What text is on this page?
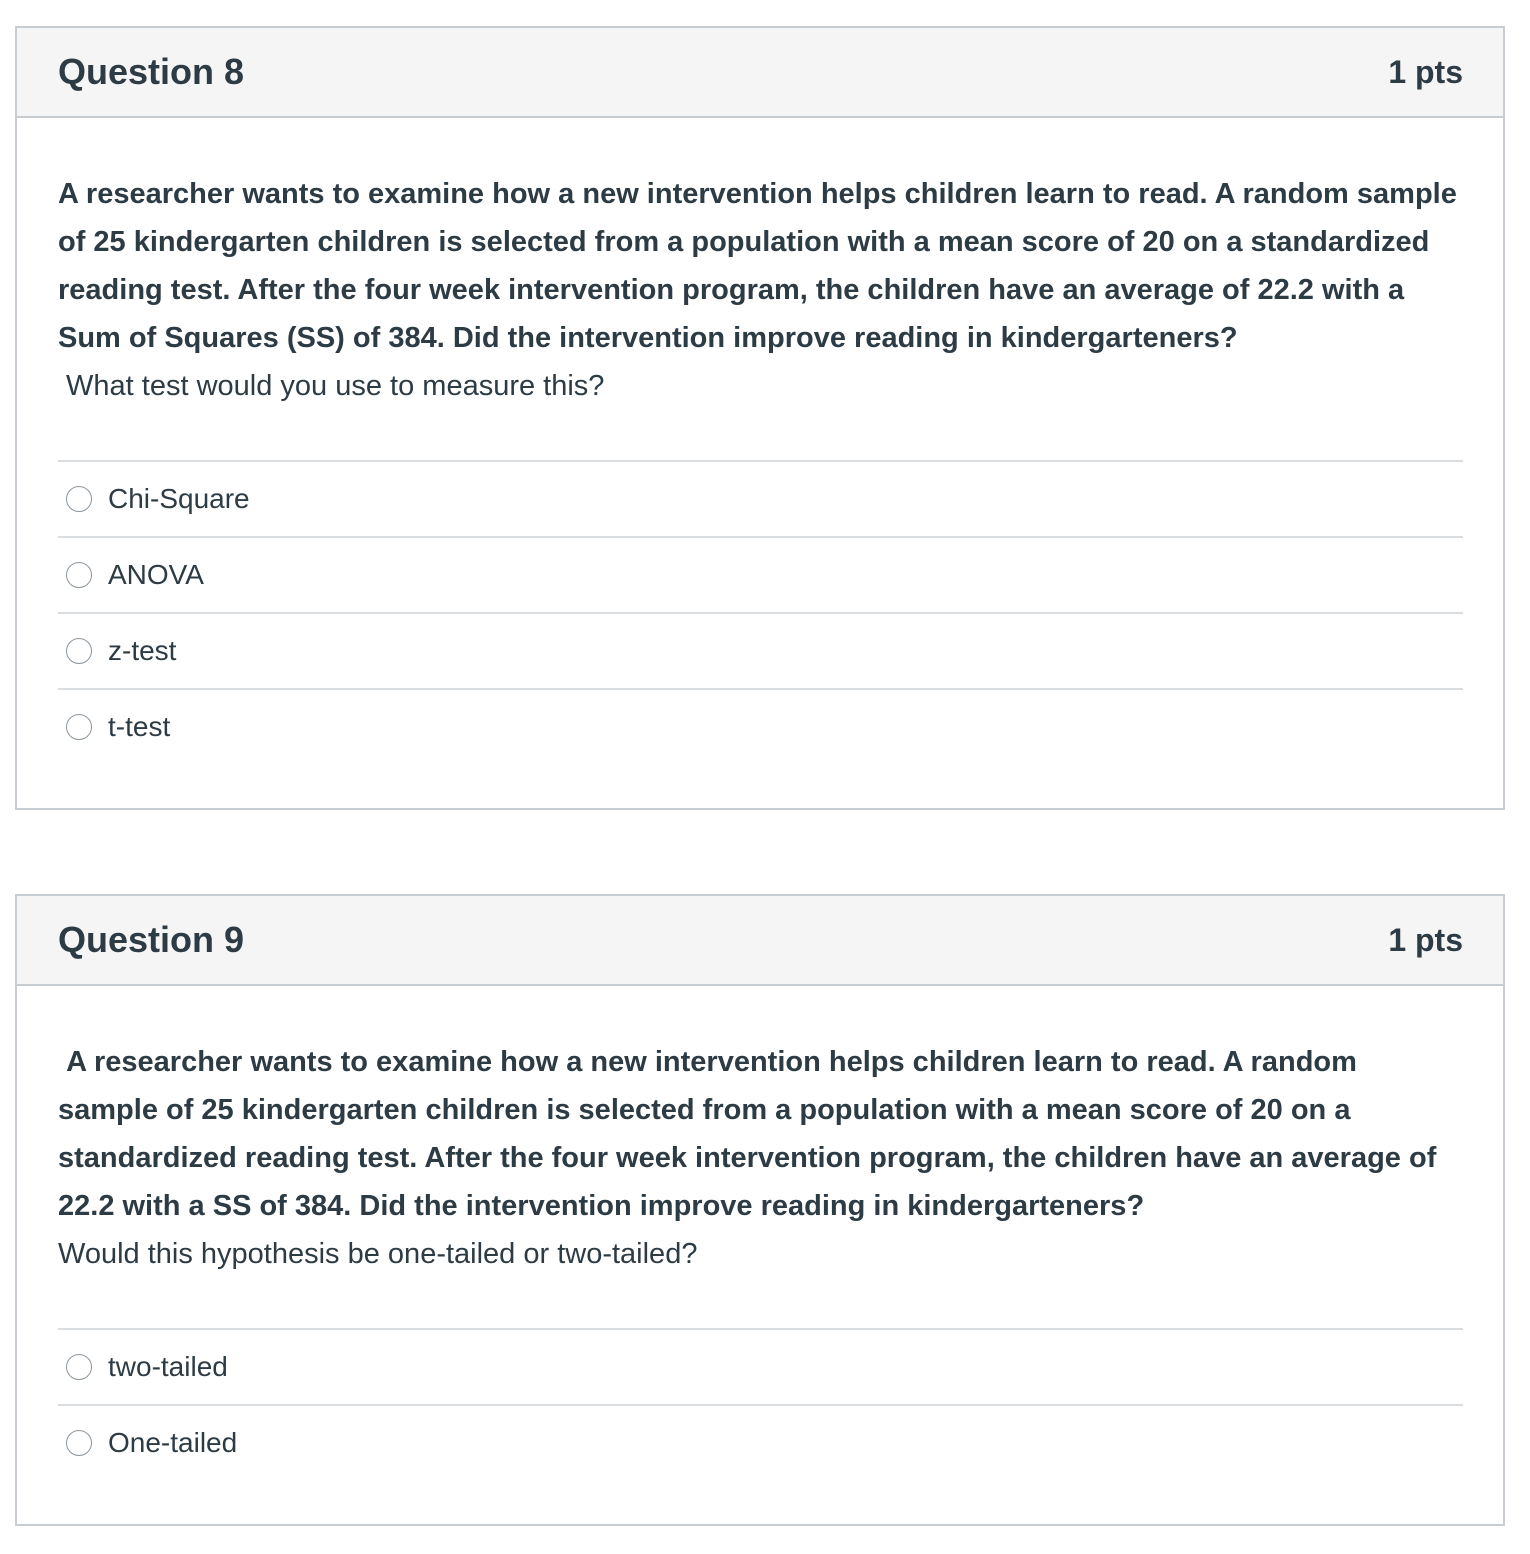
Question 8	1 pts

A researcher wants to examine how a new intervention helps children learn to read. A random sample of 25 kindergarten children is selected from a population with a mean score of 20 on a standardized reading test. After the four week intervention program, the children have an average of 22.2 with a Sum of Squares (SS) of 384. Did the intervention improve reading in kindergarteners?
What test would you use to measure this?

Chi-Square
ANOVA
z-test
t-test
Question 9	1 pts

A researcher wants to examine how a new intervention helps children learn to read. A random sample of 25 kindergarten children is selected from a population with a mean score of 20 on a standardized reading test. After the four week intervention program, the children have an average of 22.2 with a SS of 384. Did the intervention improve reading in kindergarteners?
Would this hypothesis be one-tailed or two-tailed?

two-tailed
One-tailed
